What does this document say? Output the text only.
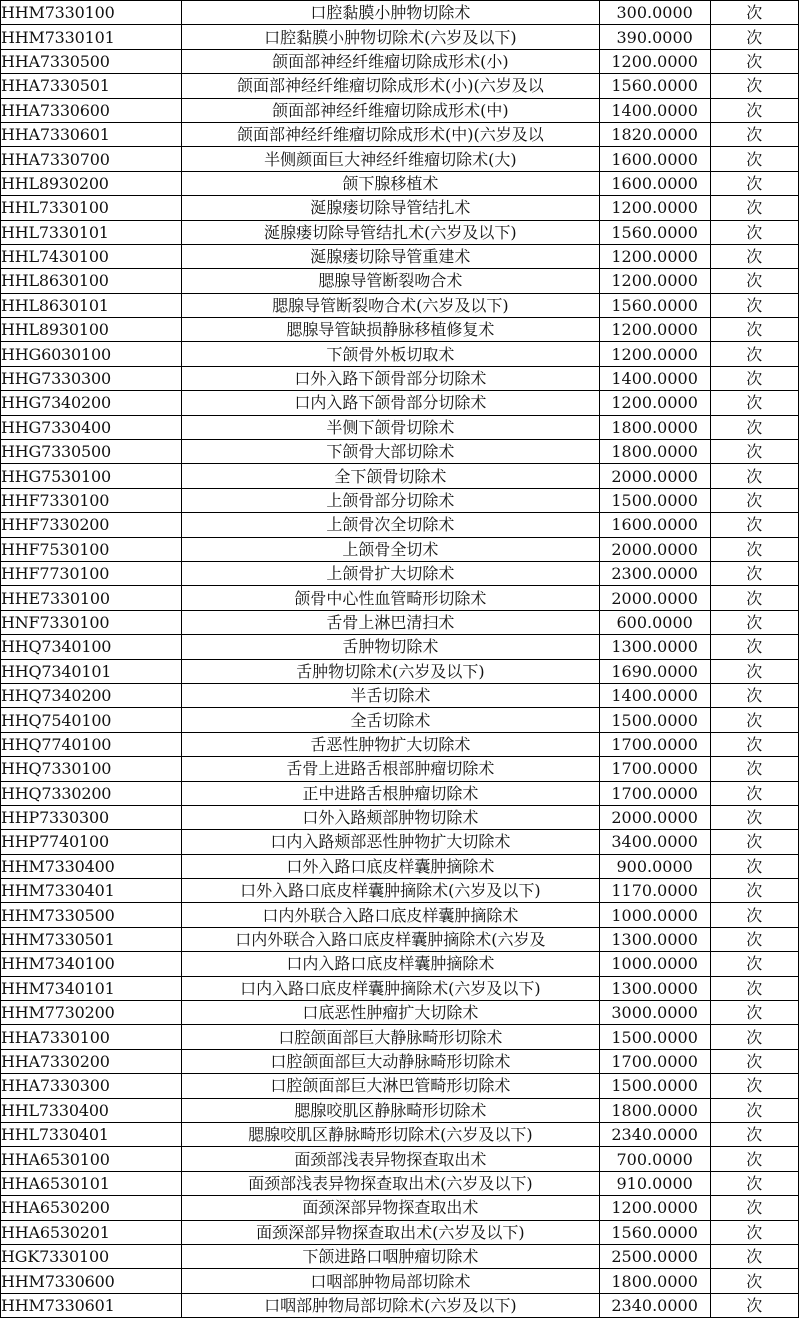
HHM7330100	口腔黏膜小肿物切除术	300.0000	次
HHM7330101	口腔黏膜小肿物切除术(六岁及以下)	390.0000	次
HHA7330500	颌面部神经纤维瘤切除成形术(小)	1200.0000	次
HHA7330501	颌面部神经纤维瘤切除成形术(小)(六岁及以	1560.0000	次
HHA7330600	颌面部神经纤维瘤切除成形术(中)	1400.0000	次
HHA7330601	颌面部神经纤维瘤切除成形术(中)(六岁及以	1820.0000	次
HHA7330700	半侧颜面巨大神经纤维瘤切除术(大)	1600.0000	次
HHL8930200	颌下腺移植术	1600.0000	次
HHL7330100	涎腺瘘切除导管结扎术	1200.0000	次
HHL7330101	涎腺瘘切除导管结扎术(六岁及以下)	1560.0000	次
HHL7430100	涎腺瘘切除导管重建术	1200.0000	次
HHL8630100	腮腺导管断裂吻合术	1200.0000	次
HHL8630101	腮腺导管断裂吻合术(六岁及以下)	1560.0000	次
HHL8930100	腮腺导管缺损静脉移植修复术	1200.0000	次
HHG6030100	下颌骨外板切取术	1200.0000	次
HHG7330300	口外入路下颌骨部分切除术	1400.0000	次
HHG7340200	口内入路下颌骨部分切除术	1200.0000	次
HHG7330400	半侧下颌骨切除术	1800.0000	次
HHG7330500	下颌骨大部切除术	1800.0000	次
HHG7530100	全下颌骨切除术	2000.0000	次
HHF7330100	上颌骨部分切除术	1500.0000	次
HHF7330200	上颌骨次全切除术	1600.0000	次
HHF7530100	上颌骨全切术	2000.0000	次
HHF7730100	上颌骨扩大切除术	2300.0000	次
HHE7330100	颌骨中心性血管畸形切除术	2000.0000	次
HNF7330100	舌骨上淋巴清扫术	600.0000	次
HHQ7340100	舌肿物切除术	1300.0000	次
HHQ7340101	舌肿物切除术(六岁及以下)	1690.0000	次
HHQ7340200	半舌切除术	1400.0000	次
HHQ7540100	全舌切除术	1500.0000	次
HHQ7740100	舌恶性肿物扩大切除术	1700.0000	次
HHQ7330100	舌骨上进路舌根部肿瘤切除术	1700.0000	次
HHQ7330200	正中进路舌根肿瘤切除术	1700.0000	次
HHP7330300	口外入路颊部肿物切除术	2000.0000	次
HHP7740100	口内入路颊部恶性肿物扩大切除术	3400.0000	次
HHM7330400	口外入路口底皮样囊肿摘除术	900.0000	次
HHM7330401	口外入路口底皮样囊肿摘除术(六岁及以下)	1170.0000	次
HHM7330500	口内外联合入路口底皮样囊肿摘除术	1000.0000	次
HHM7330501	口内外联合入路口底皮样囊肿摘除术(六岁及	1300.0000	次
HHM7340100	口内入路口底皮样囊肿摘除术	1000.0000	次
HHM7340101	口内入路口底皮样囊肿摘除术(六岁及以下)	1300.0000	次
HHM7730200	口底恶性肿瘤扩大切除术	3000.0000	次
HHA7330100	口腔颌面部巨大静脉畸形切除术	1500.0000	次
HHA7330200	口腔颌面部巨大动静脉畸形切除术	1700.0000	次
HHA7330300	口腔颌面部巨大淋巴管畸形切除术	1500.0000	次
HHL7330400	腮腺咬肌区静脉畸形切除术	1800.0000	次
HHL7330401	腮腺咬肌区静脉畸形切除术(六岁及以下)	2340.0000	次
HHA6530100	面颈部浅表异物探查取出术	700.0000	次
HHA6530101	面颈部浅表异物探查取出术(六岁及以下)	910.0000	次
HHA6530200	面颈深部异物探查取出术	1200.0000	次
HHA6530201	面颈深部异物探查取出术(六岁及以下)	1560.0000	次
HGK7330100	下颌进路口咽肿瘤切除术	2500.0000	次
HHM7330600	口咽部肿物局部切除术	1800.0000	次
HHM7330601	口咽部肿物局部切除术(六岁及以下)	2340.0000	次
